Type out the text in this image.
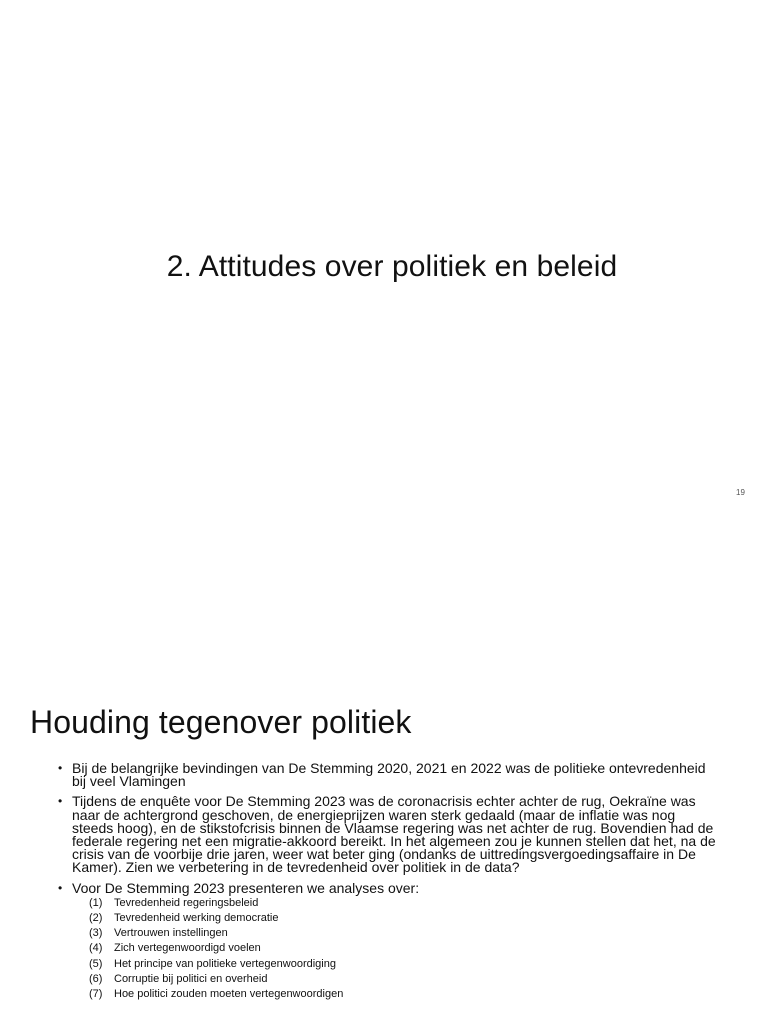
2. Attitudes over politiek en beleid
19
Houding tegenover politiek
• Bij de belangrijke bevindingen van De Stemming 2020, 2021 en 2022 was de politieke ontevredenheid bij veel Vlamingen
• Tijdens de enquête voor De Stemming 2023 was de coronacrisis echter achter de rug, Oekraïne was naar de achtergrond geschoven, de energieprijzen waren sterk gedaald (maar de inflatie was nog steeds hoog), en de stikstofcrisis binnen de Vlaamse regering was net achter de rug. Bovendien had de federale regering net een migratie-akkoord bereikt. In het algemeen zou je kunnen stellen dat het, na de crisis van de voorbije drie jaren, weer wat beter ging (ondanks de uittredingsvergoedingsaffaire in De Kamer). Zien we verbetering in de tevredenheid over politiek in de data?
• Voor De Stemming 2023 presenteren we analyses over:
(1) Tevredenheid regeringsbeleid
(2) Tevredenheid werking democratie
(3) Vertrouwen instellingen
(4) Zich vertegenwoordigd voelen
(5) Het principe van politieke vertegenwoordiging
(6) Corruptie bij politici en overheid
(7) Hoe politici zouden moeten vertegenwoordigen
